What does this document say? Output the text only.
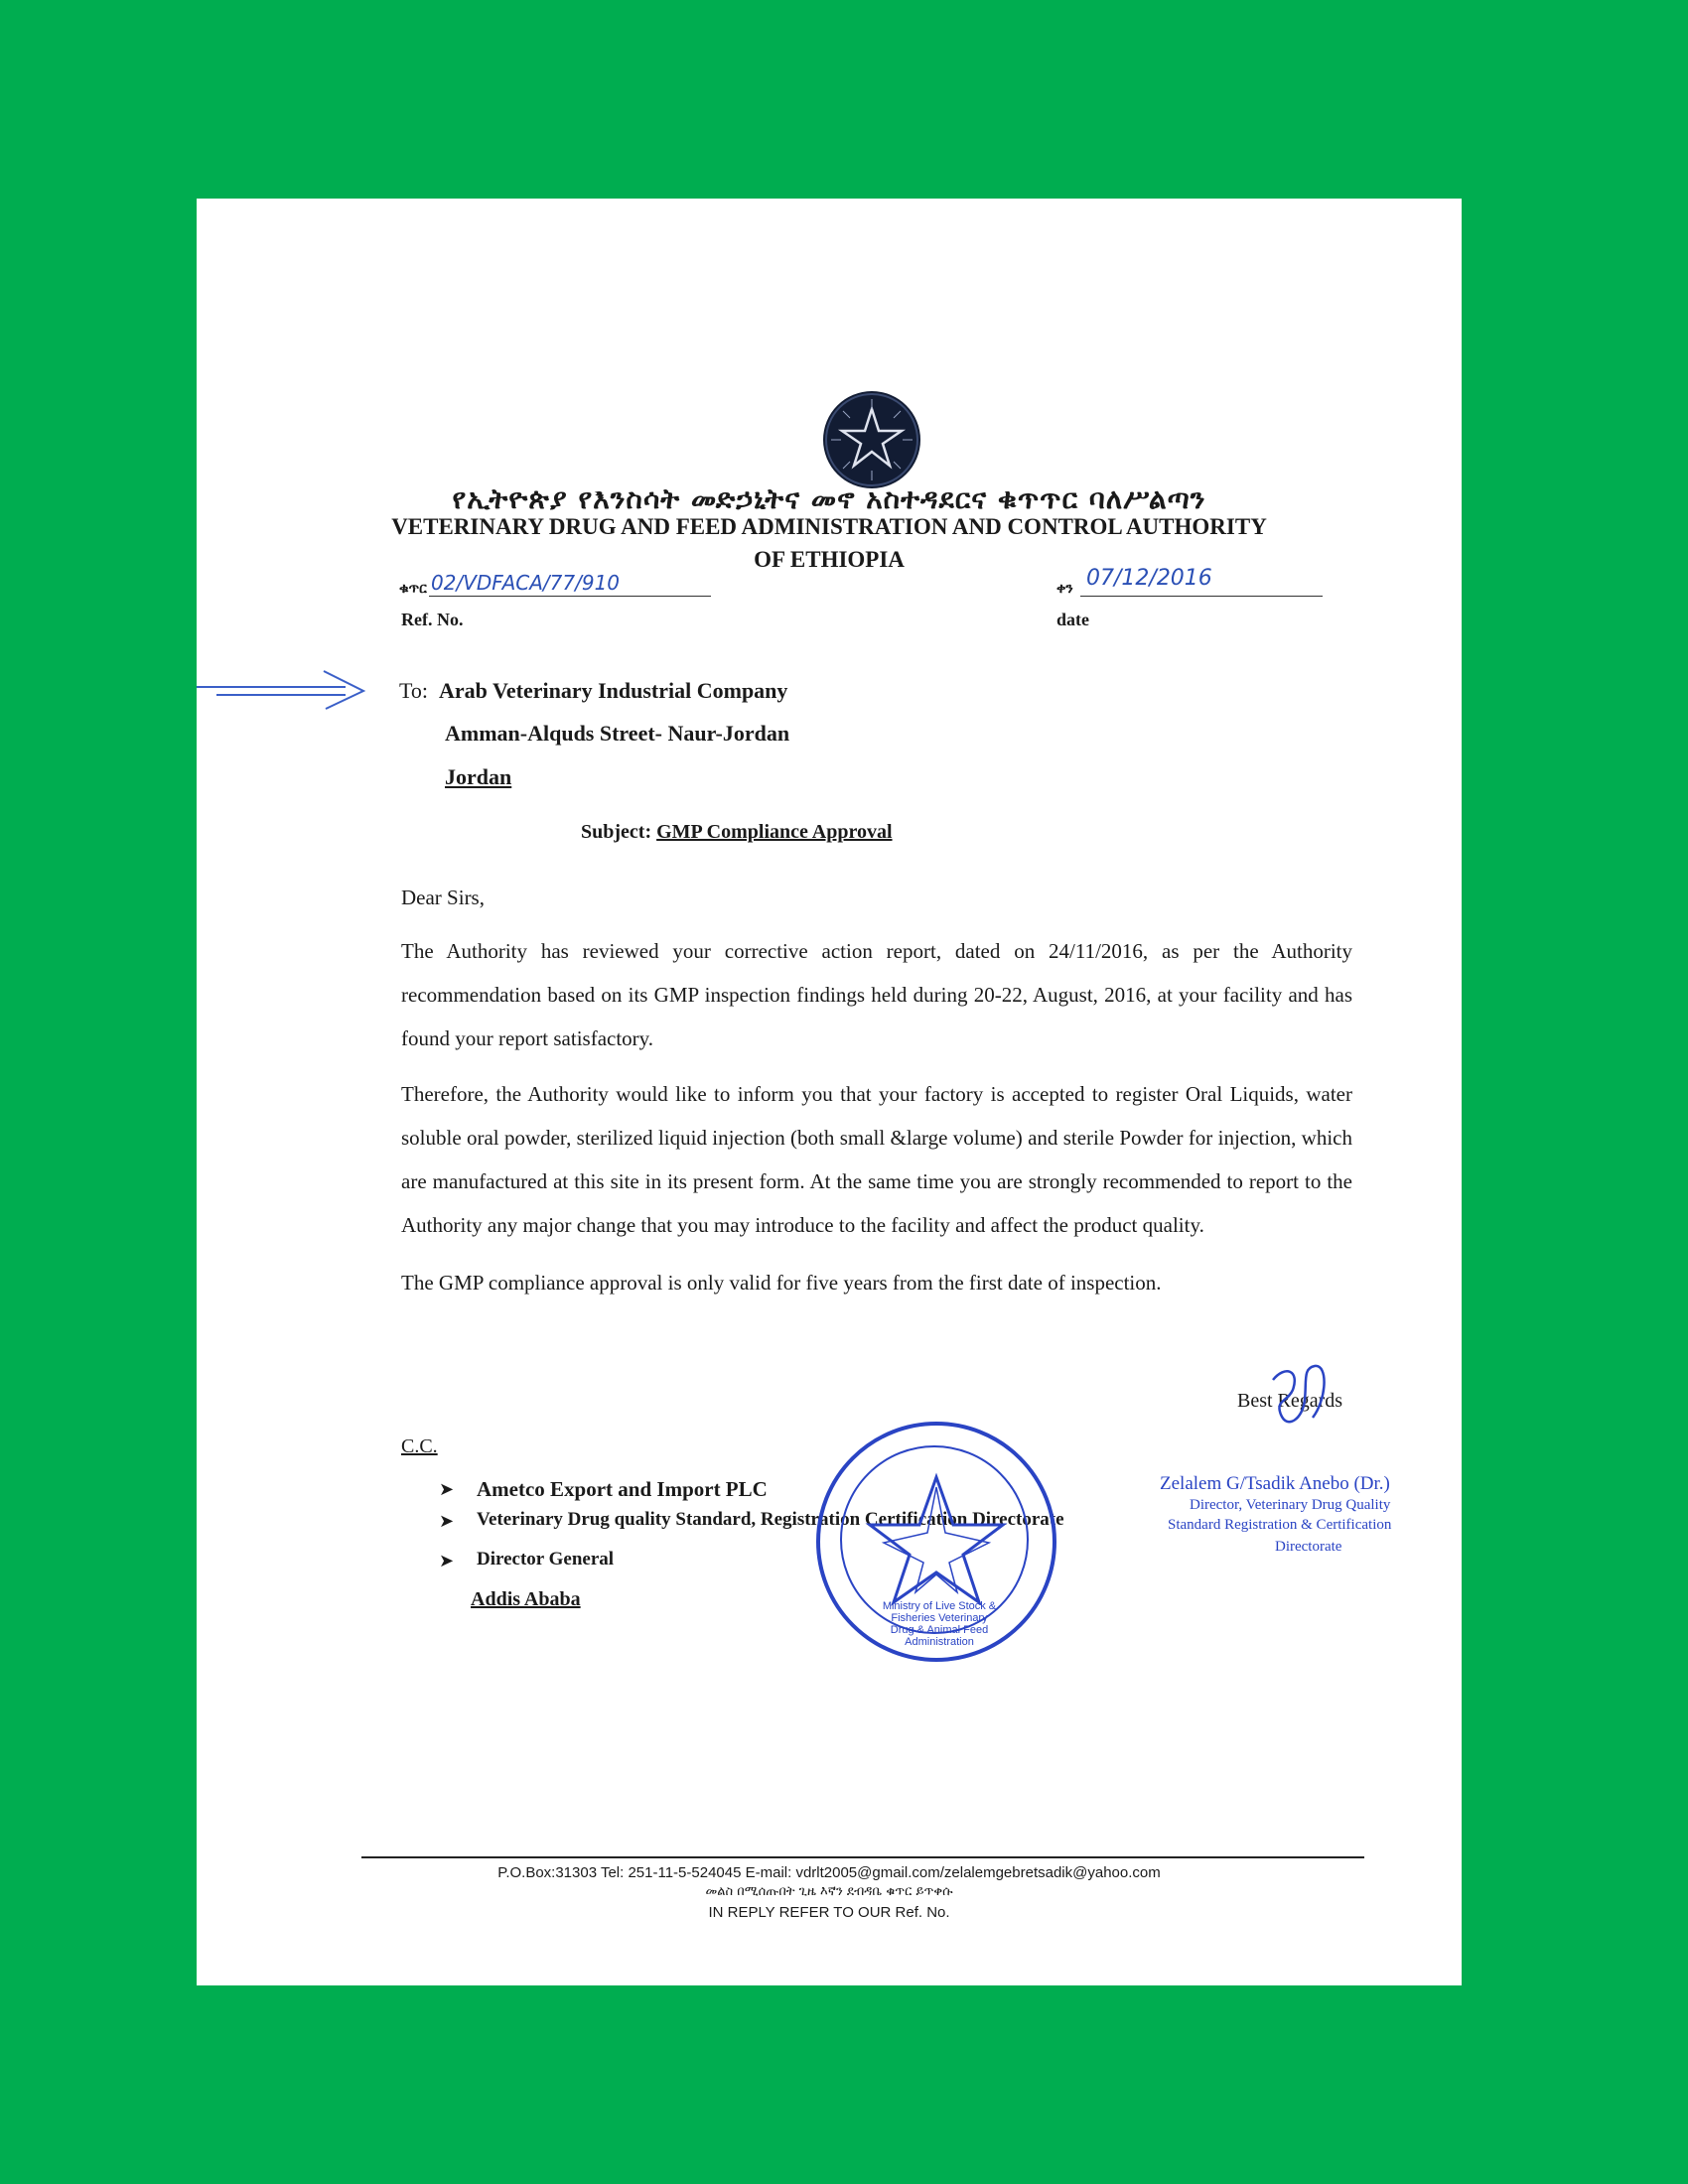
የኢትዮጵያ የእንስሳት መድኃኒትና መኖ አስተዳደርና ቁጥጥር ባለሥልጣን
VETERINARY DRUG AND FEED ADMINISTRATION AND CONTROL AUTHORITY
OF ETHIOPIA
ቁጥር 02/VDFACA/77/910
Ref. No.
ቀን 07/12/2016
date
To: Arab Veterinary Industrial Company
Amman-Alquds Street- Naur-Jordan
Jordan
Subject: GMP Compliance Approval
Dear Sirs,
The Authority has reviewed your corrective action report, dated on 24/11/2016, as per the Authority recommendation based on its GMP inspection findings held during 20-22, August, 2016, at your facility and has found your report satisfactory.
Therefore, the Authority would like to inform you that your factory is accepted to register Oral Liquids, water soluble oral powder, sterilized liquid injection (both small &large volume) and sterile Powder for injection, which are manufactured at this site in its present form. At the same time you are strongly recommended to report to the Authority any major change that you may introduce to the facility and affect the product quality.
The GMP compliance approval is only valid for five years from the first date of inspection.
Best Regards
Zelalem G/Tsadik Anebo (Dr.)
Director, Veterinary Drug Quality
Standard Registration & Certification
Directorate
C.C.
➤ Ametco Export and Import PLC
➤ Veterinary Drug quality Standard, Registration Certification Directorate
➤ Director General
Addis Ababa	Ministry of Live Stock & Fisheries Veterinary Drug & Animal Feed Administration
P.O.Box:31303 Tel: 251-11-5-524045 E-mail: vdrlt2005@gmail.com/zelalemgebretsadik@yahoo.com
መልስ በሚሰጡበት ጊዜ እኛን ደብዳቤ ቁጥር ይጥቀሱ
IN REPLY REFER TO OUR Ref. No.
